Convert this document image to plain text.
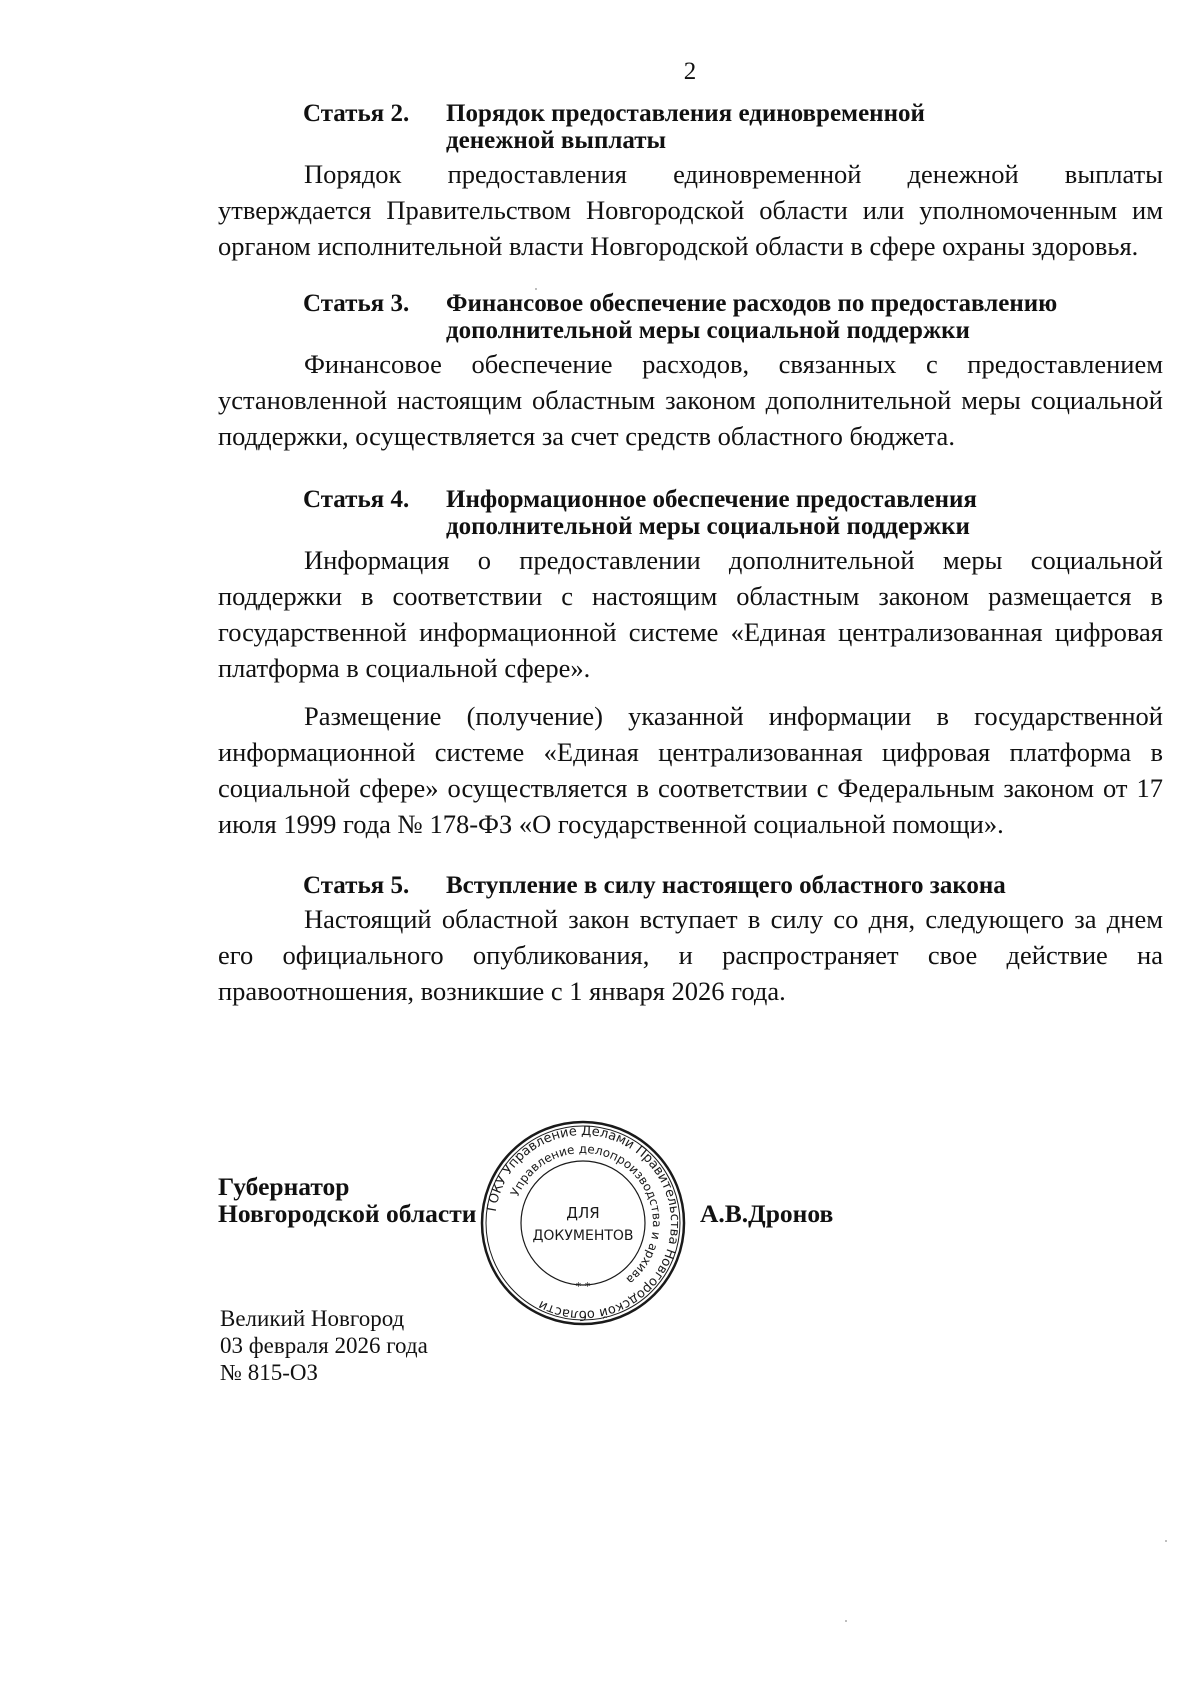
2
Статья 2.	Порядок предоставления единовременной денежной выплаты

Порядок предоставления единовременной денежной выплаты утверждается Правительством Новгородской области или уполномоченным им органом исполнительной власти Новгородской области в сфере охраны здоровья.

Статья 3.	Финансовое обеспечение расходов по предоставлению дополнительной меры социальной поддержки

Финансовое обеспечение расходов, связанных с предоставлением установленной настоящим областным законом дополнительной меры социальной поддержки, осуществляется за счет средств областного бюджета.

Статья 4.	Информационное обеспечение предоставления дополнительной меры социальной поддержки

Информация о предоставлении дополнительной меры социальной поддержки в соответствии с настоящим областным законом размещается в государственной информационной системе «Единая централизованная цифровая платформа в социальной сфере».

Размещение (получение) указанной информации в государственной информационной системе «Единая централизованная цифровая платформа в социальной сфере» осуществляется в соответствии с Федеральным законом от 17 июля 1999 года № 178-ФЗ «О государственной социальной помощи».

Статья 5.	Вступление в силу настоящего областного закона

Настоящий областной закон вступает в силу со дня, следующего за днем его официального опубликования, и распространяет свое действие на правоотношения, возникшие с 1 января 2026 года.

Губернатор
Новгородской области	А.В.Дронов
ГОКУ Управление Делами Правительства Новгородской области
Управление делопроизводства и архива
ДЛЯ
ДОКУМЕНТОВ
* *
Великий Новгород
03 февраля 2026 года
№ 815-ОЗ
